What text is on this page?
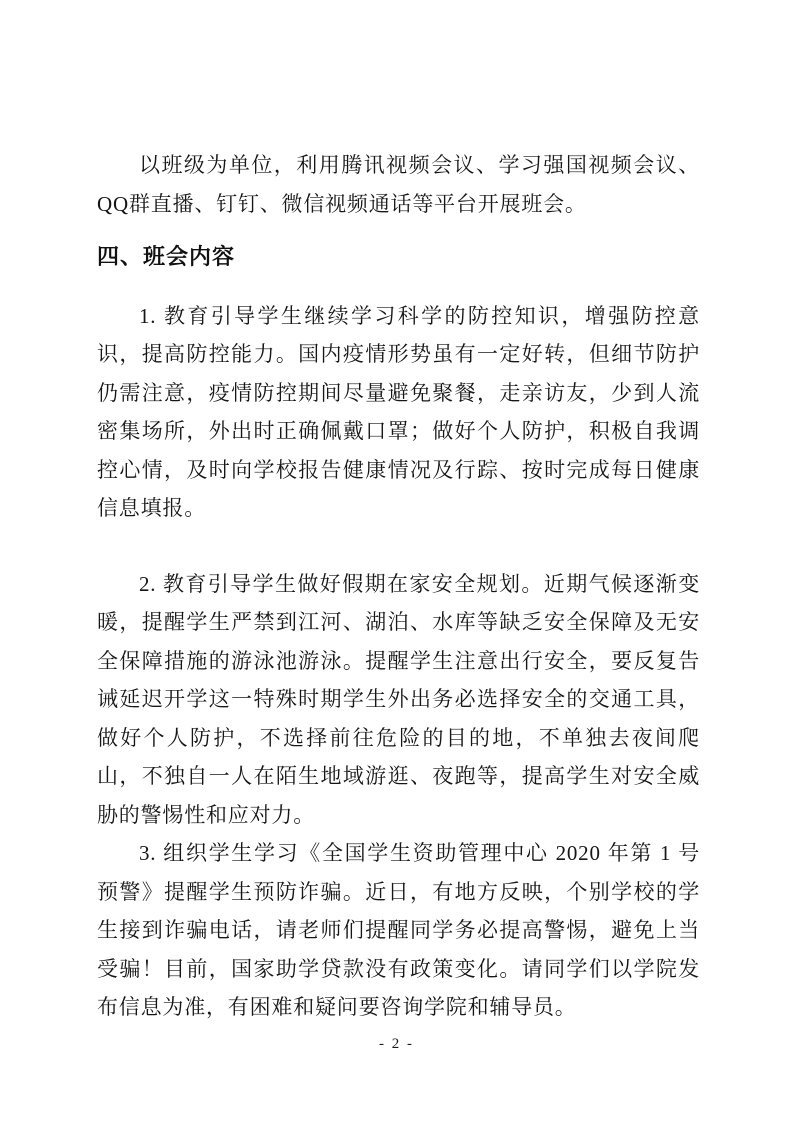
以班级为单位，利用腾讯视频会议、学习强国视频会议、QQ群直播、钉钉、微信视频通话等平台开展班会。

四、班会内容

1. 教育引导学生继续学习科学的防控知识，增强防控意识，提高防控能力。国内疫情形势虽有一定好转，但细节防护仍需注意，疫情防控期间尽量避免聚餐，走亲访友，少到人流密集场所，外出时正确佩戴口罩；做好个人防护，积极自我调控心情，及时向学校报告健康情况及行踪、按时完成每日健康信息填报。

2. 教育引导学生做好假期在家安全规划。近期气候逐渐变暖，提醒学生严禁到江河、湖泊、水库等缺乏安全保障及无安全保障措施的游泳池游泳。提醒学生注意出行安全，要反复告诫延迟开学这一特殊时期学生外出务必选择安全的交通工具，做好个人防护，不选择前往危险的目的地，不单独去夜间爬山，不独自一人在陌生地域游逛、夜跑等，提高学生对安全威胁的警惕性和应对力。

3. 组织学生学习《全国学生资助管理中心 2020 年第 1 号预警》提醒学生预防诈骗。近日，有地方反映，个别学校的学生接到诈骗电话，请老师们提醒同学务必提高警惕，避免上当受骗！目前，国家助学贷款没有政策变化。请同学们以学院发布信息为准，有困难和疑问要咨询学院和辅导员。

- 2 -
